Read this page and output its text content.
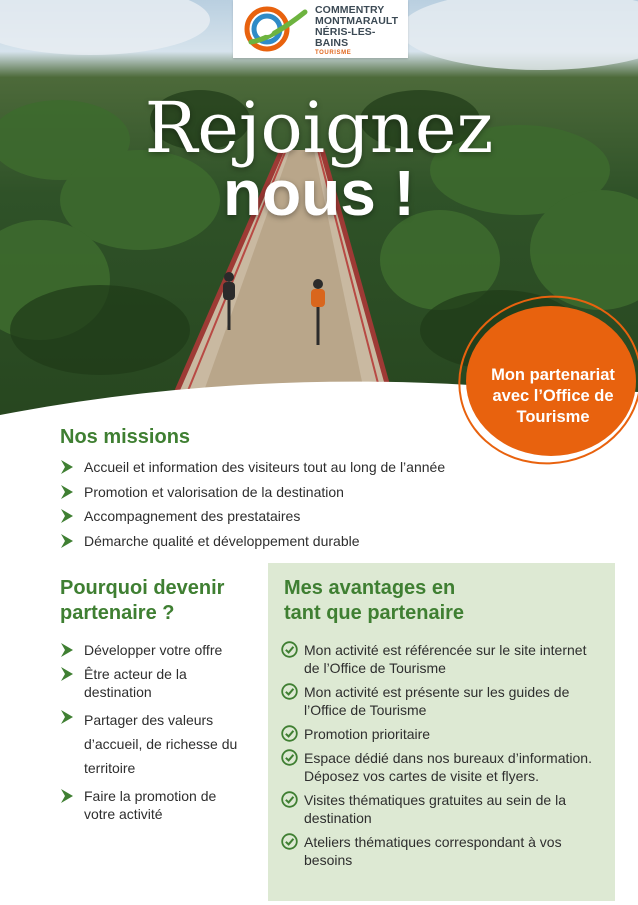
COMMENTRY
MONTMARAULT
NÉRIS-LES-BAINS
TOURISME
Rejoignez
nous !
Mon partenariat
avec l’Office de
Tourisme
Nos missions
Accueil et information des visiteurs tout au long de l’année
Promotion et valorisation de la destination
Accompagnement des prestataires
Démarche qualité et développement durable
Pourquoi devenir
partenaire ?
Développer votre offre
Être acteur de la destination
Partager des valeurs d’accueil, de richesse du territoire
Faire la promotion de votre activité
Mes avantages en
tant que partenaire
Mon activité est référencée sur le site internet de l’Office de Tourisme
Mon activité est présente sur les guides de l’Office de Tourisme
Promotion prioritaire
Espace dédié dans nos bureaux d’information. Déposez vos cartes de visite et flyers.
Visites thématiques gratuites au sein de la destination
Ateliers thématiques correspondant à vos besoins
